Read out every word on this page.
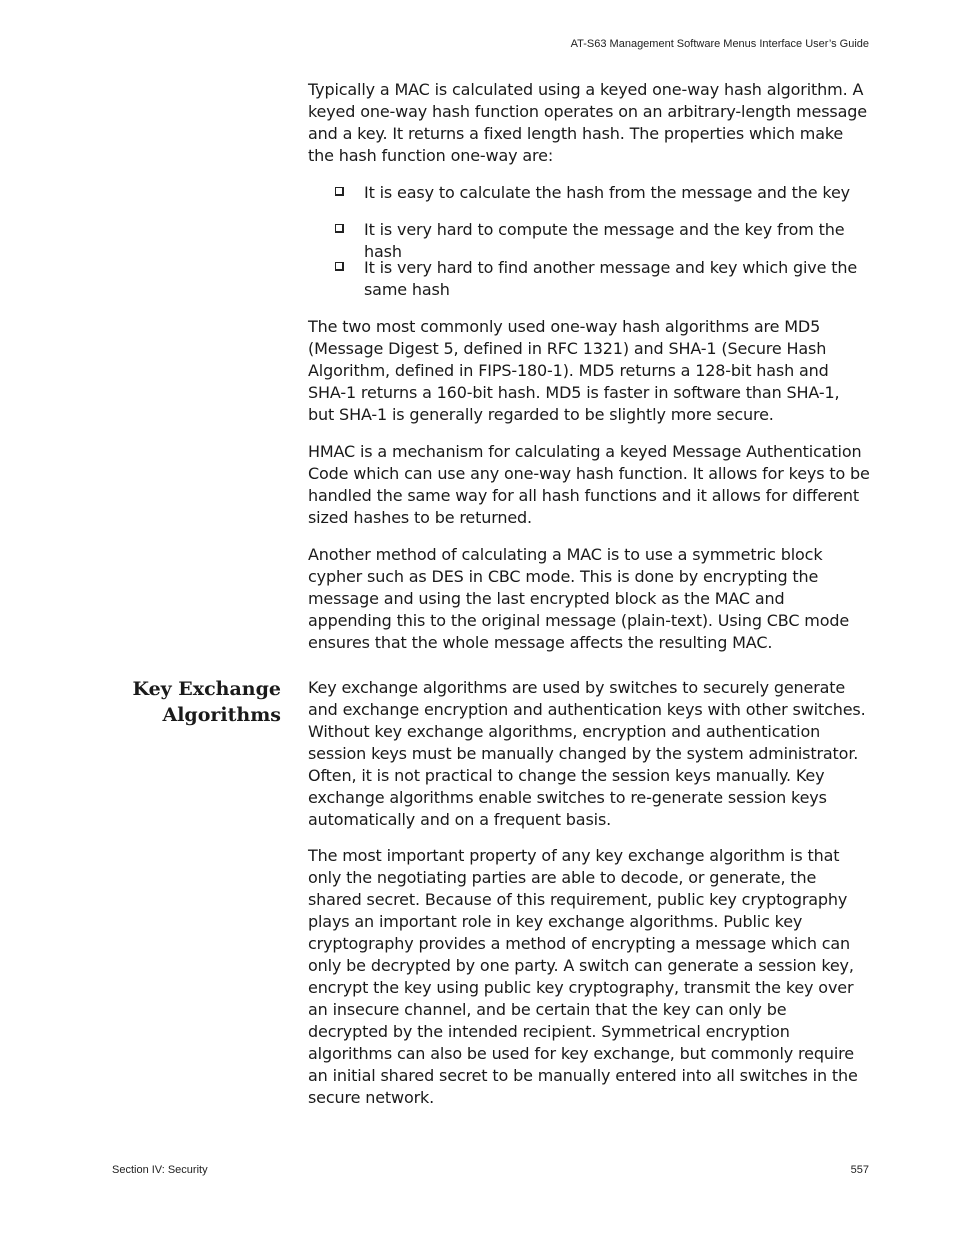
AT-S63 Management Software Menus Interface User’s Guide

Typically a MAC is calculated using a keyed one-way hash algorithm. A keyed one-way hash function operates on an arbitrary-length message and a key. It returns a fixed length hash. The properties which make the hash function one-way are:

It is easy to calculate the hash from the message and the key
It is very hard to compute the message and the key from the hash
It is very hard to find another message and key which give the same hash

The two most commonly used one-way hash algorithms are MD5 (Message Digest 5, defined in RFC 1321) and SHA-1 (Secure Hash Algorithm, defined in FIPS-180-1). MD5 returns a 128-bit hash and SHA-1 returns a 160-bit hash. MD5 is faster in software than SHA-1, but SHA-1 is generally regarded to be slightly more secure.

HMAC is a mechanism for calculating a keyed Message Authentication Code which can use any one-way hash function. It allows for keys to be handled the same way for all hash functions and it allows for different sized hashes to be returned.

Another method of calculating a MAC is to use a symmetric block cypher such as DES in CBC mode. This is done by encrypting the message and using the last encrypted block as the MAC and appending this to the original message (plain-text). Using CBC mode ensures that the whole message affects the resulting MAC.

Key Exchange
Algorithms

Key exchange algorithms are used by switches to securely generate and exchange encryption and authentication keys with other switches. Without key exchange algorithms, encryption and authentication session keys must be manually changed by the system administrator. Often, it is not practical to change the session keys manually. Key exchange algorithms enable switches to re-generate session keys automatically and on a frequent basis.

The most important property of any key exchange algorithm is that only the negotiating parties are able to decode, or generate, the shared secret. Because of this requirement, public key cryptography plays an important role in key exchange algorithms. Public key cryptography provides a method of encrypting a message which can only be decrypted by one party. A switch can generate a session key, encrypt the key using public key cryptography, transmit the key over an insecure channel, and be certain that the key can only be decrypted by the intended recipient. Symmetrical encryption algorithms can also be used for key exchange, but commonly require an initial shared secret to be manually entered into all switches in the secure network.

Section IV: Security	557
